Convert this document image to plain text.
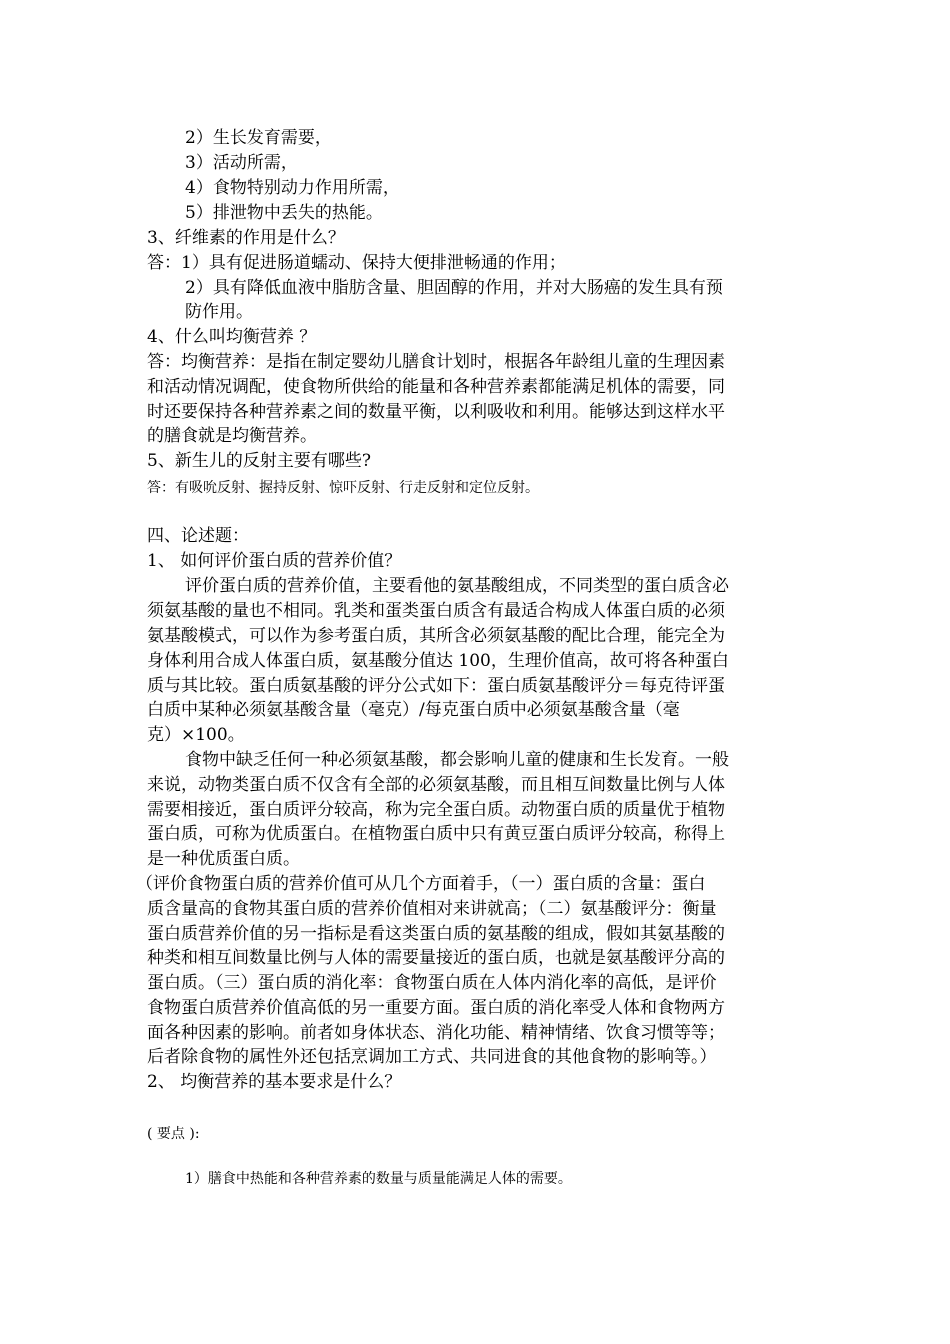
2）生长发育需要，
3）活动所需，
4）食物特别动力作用所需，
5）排泄物中丢失的热能。
3、纤维素的作用是什么？
答：1）具有促进肠道蠕动、保持大便排泄畅通的作用；
2）具有降低血液中脂肪含量、胆固醇的作用，并对大肠癌的发生具有预
防作用。
4、什么叫均衡营养 ？
答：均衡营养：是指在制定婴幼儿膳食计划时，根据各年龄组儿童的生理因素
和活动情况调配，使食物所供给的能量和各种营养素都能满足机体的需要，同
时还要保持各种营养素之间的数量平衡，以利吸收和利用。能够达到这样水平
的膳食就是均衡营养。
5、新生儿的反射主要有哪些?
答：有吸吮反射、握持反射、惊吓反射、行走反射和定位反射。
四、论述题：
1、 如何评价蛋白质的营养价值？
评价蛋白质的营养价值，主要看他的氨基酸组成，不同类型的蛋白质含必
须氨基酸的量也不相同。乳类和蛋类蛋白质含有最适合构成人体蛋白质的必须
氨基酸模式，可以作为参考蛋白质，其所含必须氨基酸的配比合理，能完全为
身体利用合成人体蛋白质，氨基酸分值达 100，生理价值高，故可将各种蛋白
质与其比较。蛋白质氨基酸的评分公式如下：蛋白质氨基酸评分＝每克待评蛋
白质中某种必须氨基酸含量（毫克）/每克蛋白质中必须氨基酸含量（毫
克）×100。
食物中缺乏任何一种必须氨基酸，都会影响儿童的健康和生长发育。一般
来说，动物类蛋白质不仅含有全部的必须氨基酸，而且相互间数量比例与人体
需要相接近，蛋白质评分较高，称为完全蛋白质。动物蛋白质的质量优于植物
蛋白质，可称为优质蛋白。在植物蛋白质中只有黄豆蛋白质评分较高，称得上
是一种优质蛋白质。
（评价食物蛋白质的营养价值可从几个方面着手，（一）蛋白质的含量：蛋白
质含量高的食物其蛋白质的营养价值相对来讲就高；（二）氨基酸评分：衡量
蛋白质营养价值的另一指标是看这类蛋白质的氨基酸的组成，假如其氨基酸的
种类和相互间数量比例与人体的需要量接近的蛋白质，也就是氨基酸评分高的
蛋白质。（三）蛋白质的消化率：食物蛋白质在人体内消化率的高低，是评价
食物蛋白质营养价值高低的另一重要方面。蛋白质的消化率受人体和食物两方
面各种因素的影响。前者如身体状态、消化功能、精神情绪、饮食习惯等等；
后者除食物的属性外还包括烹调加工方式、共同进食的其他食物的影响等。）
2、 均衡营养的基本要求是什么？
( 要点 ):
1）膳食中热能和各种营养素的数量与质量能满足人体的需要。
